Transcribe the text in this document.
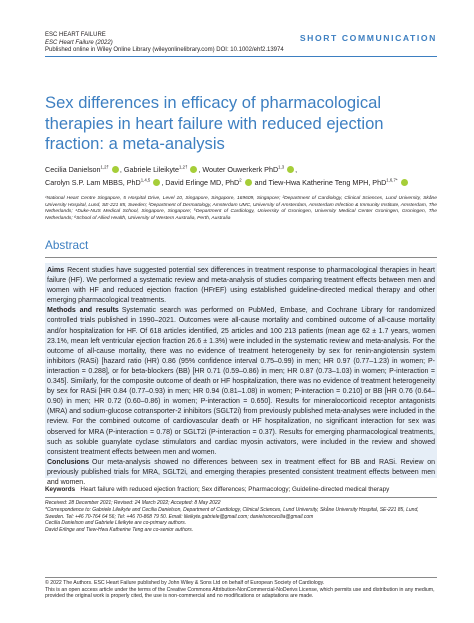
ESC HEART FAILURE
ESC Heart Failure (2022)
Published online in Wiley Online Library (wileyonlinelibrary.com) DOI: 10.1002/ehf2.13974
SHORT COMMUNICATION
Sex differences in efficacy of pharmacological therapies in heart failure with reduced ejection fraction: a meta-analysis
Cecilia Danielson$^{1,2\dagger}$ , Gabriele Lileikyte$^{1,2\dagger}$ , Wouter Ouwerkerk PhD$^{1,3}$ ,
Carolyn S.P. Lam MBBS, PhD$^{1,4,5}$ , David Erlinge MD, PhD$^2$  and Tiew-Hwa Katherine Teng MPH, PhD$^{1,6,7*}$
¹National Heart Centre Singapore, 5 Hospital Drive, Level 10, Singapore, Singapore, 169609, Singapore; ²Department of Cardiology, Clinical Sciences, Lund University, Skåne University Hospital, Lund, SE-221 85, Sweden; ³Department of Dermatology, Amsterdam UMC, University of Amsterdam, Amsterdam Infection & Immunity Institute, Amsterdam, The Netherlands; ⁴Duke-NUS Medical School, Singapore, Singapore; ⁵Department of Cardiology, University of Groningen, University Medical Center Groningen, Groningen, The Netherlands; ⁶School of Allied Health, University of Western Australia, Perth, Australia
Abstract
Aims Recent studies have suggested potential sex differences in treatment response to pharmacological therapies in heart failure (HF). We performed a systematic review and meta-analysis of studies comparing treatment effects between men and women with HF and reduced ejection fraction (HFrEF) using established guideline-directed medical therapy and other emerging pharmacological treatments.
Methods and results Systematic search was performed on PubMed, Embase, and Cochrane Library for randomized controlled trials published in 1990–2021. Outcomes were all-cause mortality and combined outcome of all-cause mortality and/or hospitalization for HF. Of 618 articles identified, 25 articles and 100 213 patients (mean age 62 ± 1.7 years, women 23.1%, mean left ventricular ejection fraction 26.6 ± 1.3%) were included in the systematic review and meta-analysis. For the outcome of all-cause mortality, there was no evidence of treatment heterogeneity by sex for renin-angiotensin system inhibitors (RASi) [hazard ratio (HR) 0.86 (95% confidence interval 0.75–0.99) in men; HR 0.97 (0.77–1.23) in women; P-interaction = 0.288], or for beta-blockers (BB) [HR 0.71 (0.59–0.86) in men; HR 0.87 (0.73–1.03) in women; P-interaction = 0.345]. Similarly, for the composite outcome of death or HF hospitalization, there was no evidence of treatment heterogeneity by sex for RASi [HR 0.84 (0.77–0.93) in men; HR 0.94 (0.81–1.08) in women; P-interaction = 0.210] or BB [HR 0.76 (0.64–0.90) in men; HR 0.72 (0.60–0.86) in women; P-interaction = 0.650]. Results for mineralocorticoid receptor antagonists (MRA) and sodium-glucose cotransporter-2 inhibitors (SGLT2i) from previously published meta-analyses were included in the review. For the combined outcome of cardiovascular death or HF hospitalization, no significant interaction for sex was observed for MRA (P-interaction = 0.78) or SGLT2i (P-interaction = 0.37). Results for emerging pharmacological treatments, such as soluble guanylate cyclase stimulators and cardiac myosin activators, were included in the review and showed consistent treatment effects between men and women.
Conclusions Our meta-analysis showed no differences between sex in treatment effect for BB and RASi. Review on previously published trials for MRA, SGLT2i, and emerging therapies presented consistent treatment effects between men and women.
Keywords Heart failure with reduced ejection fraction; Sex differences; Pharmacology; Guideline-directed medical therapy
Received: 28 December 2021; Revised: 24 March 2022; Accepted: 8 May 2022
*Correspondence to: Gabriele Lileikyte and Cecilia Danielson, Department of Cardiology, Clinical Sciences, Lund University, Skåne University Hospital, SE-221 85, Lund, Sweden. Tel: +46 70-764 64 56; Tel: +46 70-868 79 50. Email: lileikyte.gabriele@gmail.com; danielsoncecilia@gmail.com
Cecilia Danielson and Gabriele Lileikyte are co-primary authors.
David Erlinge and Tiew-Hwa Katherine Teng are co-senior authors.
© 2022 The Authors. ESC Heart Failure published by John Wiley & Sons Ltd on behalf of European Society of Cardiology.
This is an open access article under the terms of the Creative Commons Attribution-NonCommercial-NoDerivs License, which permits use and distribution in any medium, provided the original work is properly cited, the use is non-commercial and no modifications or adaptations are made.
